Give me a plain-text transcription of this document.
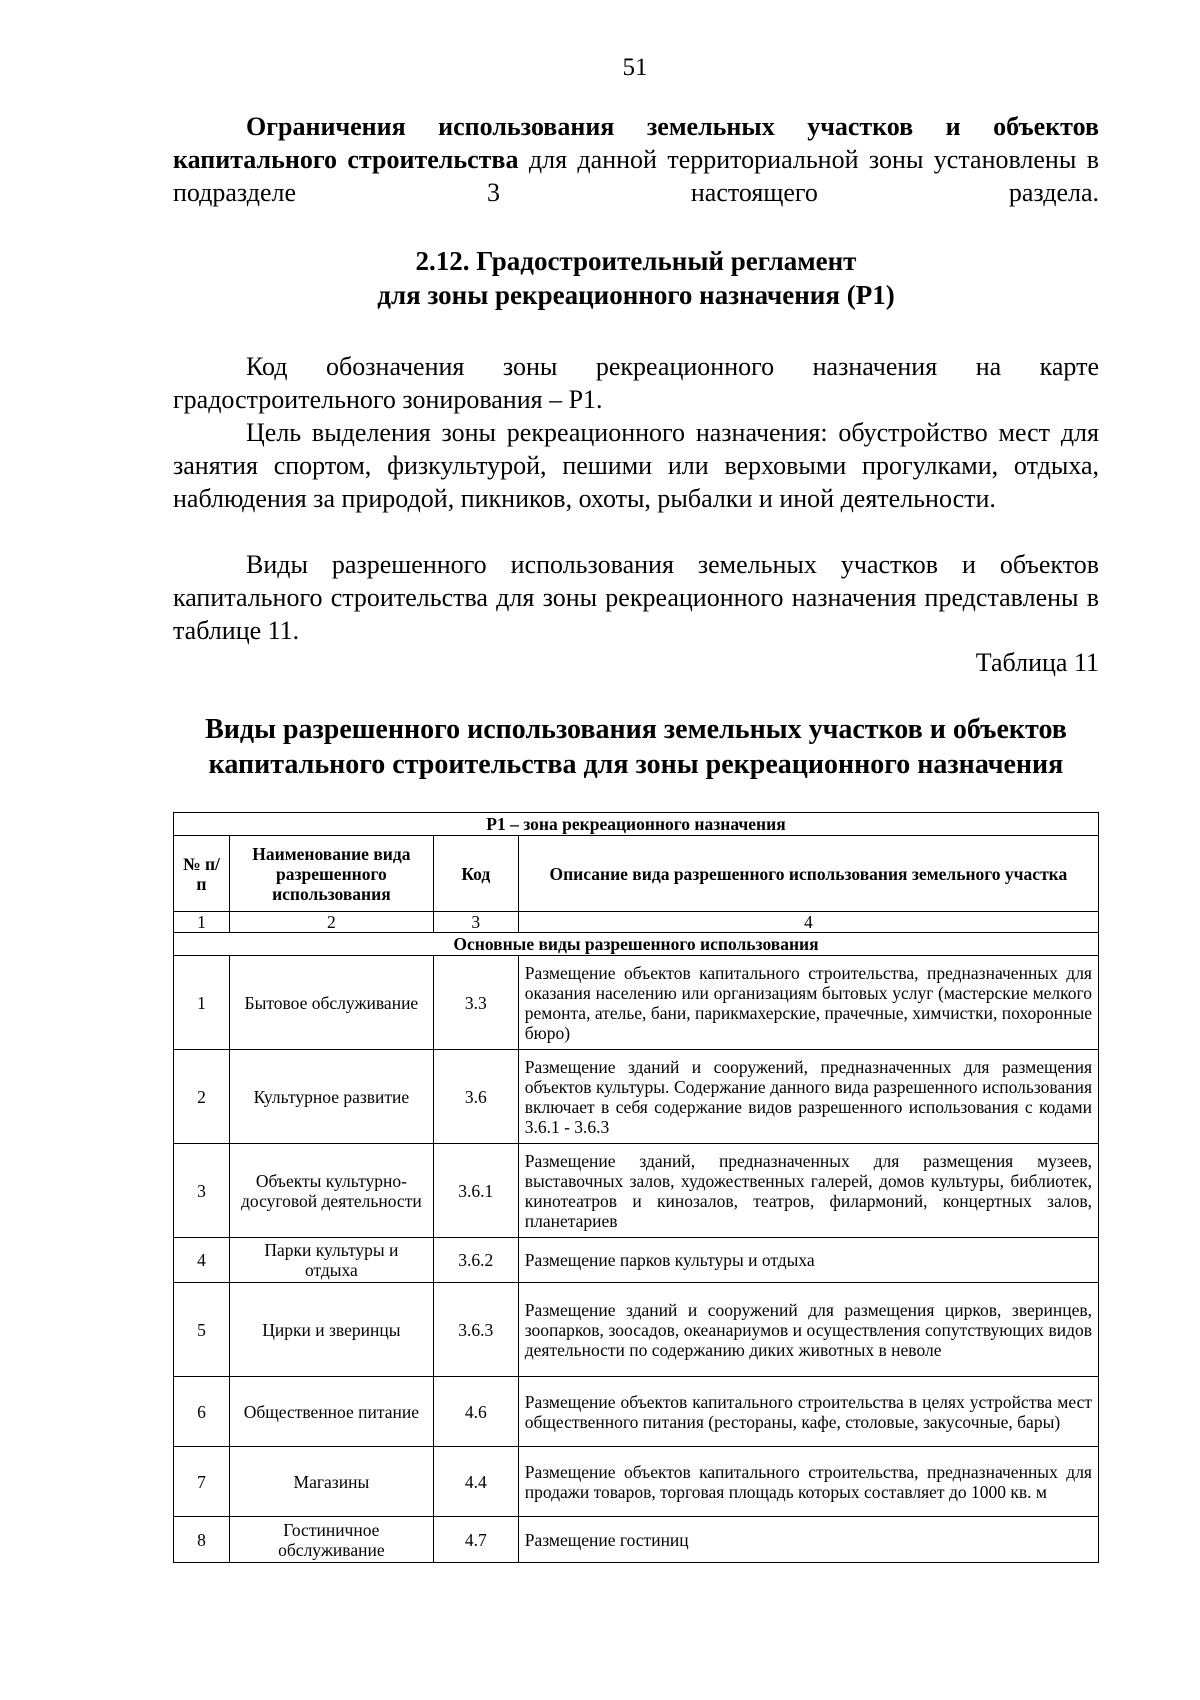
51
Ограничения использования земельных участков и объектов капитального строительства для данной территориальной зоны установлены в подразделе 3 настоящего раздела.
2.12. Градостроительный регламент
для зоны рекреационного назначения (Р1)
Код обозначения зоны рекреационного назначения на карте градостроительного зонирования – Р1.
Цель выделения зоны рекреационного назначения: обустройство мест для занятия спортом, физкультурой, пешими или верховыми прогулками, отдыха, наблюдения за природой, пикников, охоты, рыбалки и иной деятельности.
Виды разрешенного использования земельных участков и объектов капитального строительства для зоны рекреационного назначения представлены в таблице 11.
Таблица 11
Виды разрешенного использования земельных участков и объектов
капитального строительства для зоны рекреационного назначения
Р1 – зона рекреационного назначения			
№ п/п	Наименование вида разрешенного использования	Код	Описание вида разрешенного использования земельного участка
1	2	3	4
Основные виды разрешенного использования			
1	Бытовое обслуживание	3.3	Размещение объектов капитального строительства, предназначенных для оказания населению или организациям бытовых услуг (мастерские мелкого ремонта, ателье, бани, парикмахерские, прачечные, химчистки, похоронные бюро)
2	Культурное развитие	3.6	Размещение зданий и сооружений, предназначенных для размещения объектов культуры. Содержание данного вида разрешенного использования включает в себя содержание видов разрешенного использования с кодами 3.6.1 - 3.6.3
3	Объекты культурно-досуговой деятельности	3.6.1	Размещение зданий, предназначенных для размещения музеев, выставочных залов, художественных галерей, домов культуры, библиотек, кинотеатров и кинозалов, театров, филармоний, концертных залов, планетариев
4	Парки культуры и отдыха	3.6.2	Размещение парков культуры и отдыха
5	Цирки и зверинцы	3.6.3	Размещение зданий и сооружений для размещения цирков, зверинцев, зоопарков, зоосадов, океанариумов и осуществления сопутствующих видов деятельности по содержанию диких животных в неволе
6	Общественное питание	4.6	Размещение объектов капитального строительства в целях устройства мест общественного питания (рестораны, кафе, столовые, закусочные, бары)
7	Магазины	4.4	Размещение объектов капитального строительства, предназначенных для продажи товаров, торговая площадь которых составляет до 1000 кв. м
8	Гостиничное обслуживание	4.7	Размещение гостиниц
